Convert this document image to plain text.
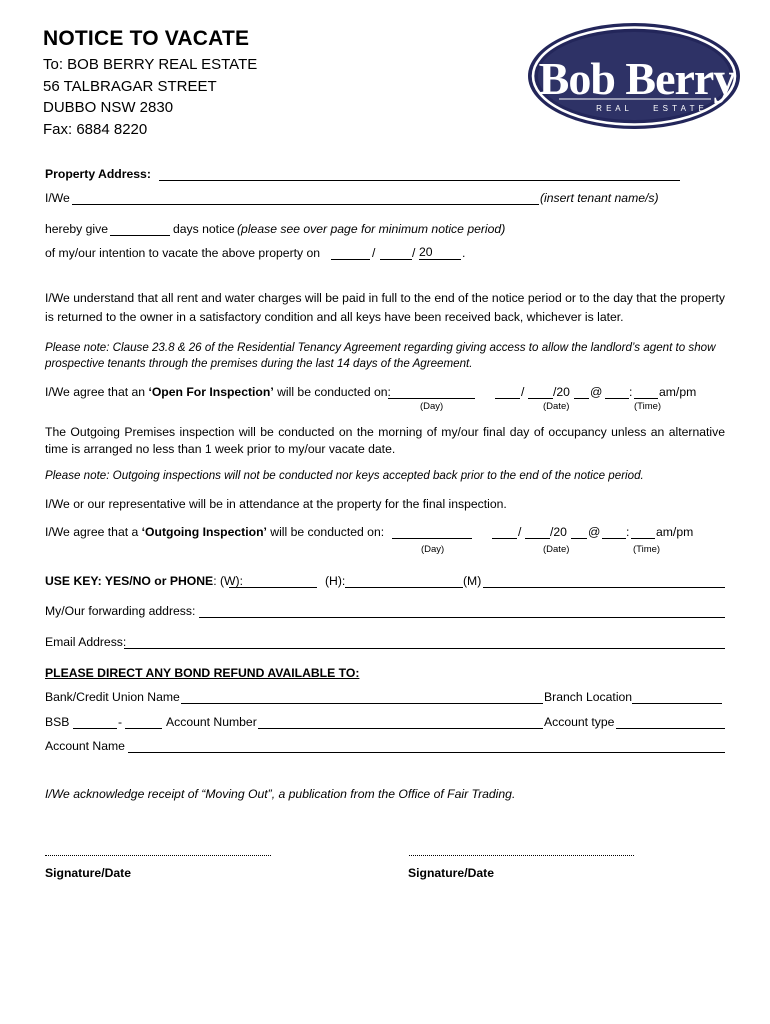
NOTICE TO VACATE
To: BOB BERRY REAL ESTATE
56 TALBRAGAR STREET
DUBBO NSW 2830
Fax: 6884 8220
Bob Berry
R E A L	E S T A T E
Property Address:
I/We	(insert tenant name/s)
hereby give	days notice (please see over page for minimum notice period)
of my/our intention to vacate the above property on	/	/ 20	.
I/We understand that all rent and water charges will be paid in full to the end of the notice period or to the day that the property is returned to the owner in a satisfactory condition and all keys have been received back, whichever is later.
Please note: Clause 23.8 & 26 of the Residential Tenancy Agreement regarding giving access to allow the landlord’s agent to show prospective tenants through the premises during the last 14 days of the Agreement.
I/We agree that an ‘Open For Inspection’ will be conducted on:	/ /20 @ : am/pm
(Day)	(Date)	(Time)
The Outgoing Premises inspection will be conducted on the morning of my/our final day of occupancy unless an alternative time is arranged no less than 1 week prior to my/our vacate date.
Please note: Outgoing inspections will not be conducted nor keys accepted back prior to the end of the notice period.
I/We or our representative will be in attendance at the property for the final inspection.
I/We agree that a ‘Outgoing Inspection’ will be conducted on:	/ /20 @ : am/pm
(Day)	(Date)	(Time)
USE KEY: YES/NO or PHONE: (W):	(H):	(M)
My/Our forwarding address:
Email Address:
PLEASE DIRECT ANY BOND REFUND AVAILABLE TO:
Bank/Credit Union Name	Branch Location
BSB	-	Account Number	Account type
Account Name
I/We acknowledge receipt of “Moving Out”, a publication from the Office of Fair Trading.
Signature/Date	Signature/Date
